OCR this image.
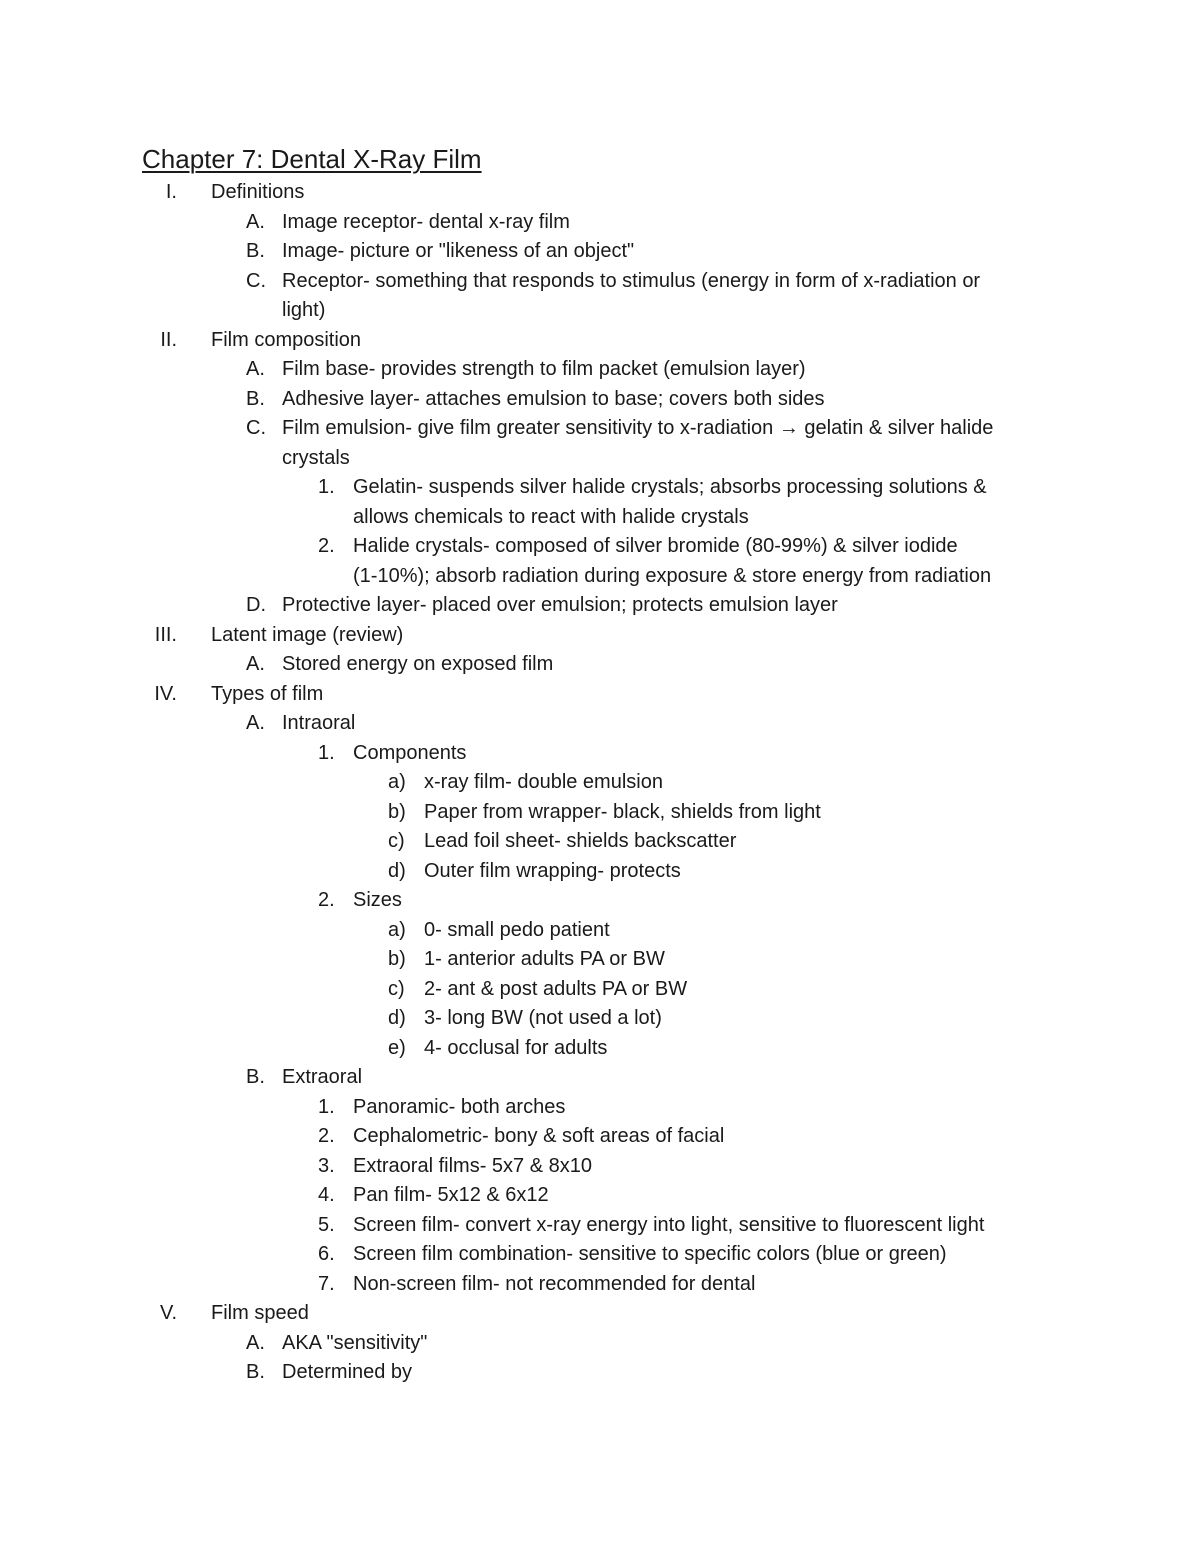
Chapter 7: Dental X-Ray Film
I. Definitions
A. Image receptor- dental x-ray film
B. Image- picture or "likeness of an object"
C. Receptor- something that responds to stimulus (energy in form of x-radiation or
light)
II. Film composition
A. Film base- provides strength to film packet (emulsion layer)
B. Adhesive layer- attaches emulsion to base; covers both sides
C. Film emulsion- give film greater sensitivity to x-radiation → gelatin & silver halide
crystals
1. Gelatin- suspends silver halide crystals; absorbs processing solutions &
allows chemicals to react with halide crystals
2. Halide crystals- composed of silver bromide (80-99%) & silver iodide
(1-10%); absorb radiation during exposure & store energy from radiation
D. Protective layer- placed over emulsion; protects emulsion layer
III. Latent image (review)
A. Stored energy on exposed film
IV. Types of film
A. Intraoral
1. Components
a) x-ray film- double emulsion
b) Paper from wrapper- black, shields from light
c) Lead foil sheet- shields backscatter
d) Outer film wrapping- protects
2. Sizes
a) 0- small pedo patient
b) 1- anterior adults PA or BW
c) 2- ant & post adults PA or BW
d) 3- long BW (not used a lot)
e) 4- occlusal for adults
B. Extraoral
1. Panoramic- both arches
2. Cephalometric- bony & soft areas of facial
3. Extraoral films- 5x7 & 8x10
4. Pan film- 5x12 & 6x12
5. Screen film- convert x-ray energy into light, sensitive to fluorescent light
6. Screen film combination- sensitive to specific colors (blue or green)
7. Non-screen film- not recommended for dental
V. Film speed
A. AKA "sensitivity"
B. Determined by
